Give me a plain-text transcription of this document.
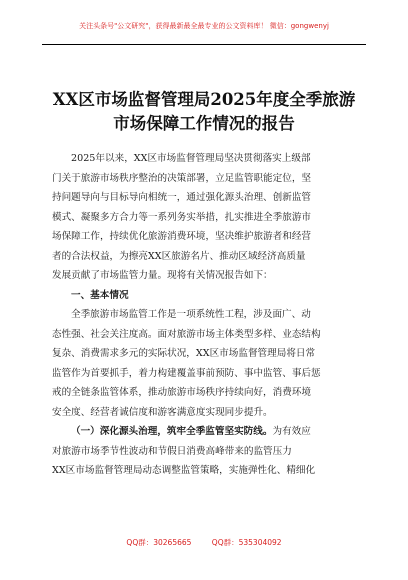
关注头条号"公文研究"，获得最新最全最专业的公文资料库！ 微信：gongwenyj
XX区市场监督管理局2025年度全季旅游
市场保障工作情况的报告
2025年以来，XX区市场监督管理局坚决贯彻落实上级部
门关于旅游市场秩序整治的决策部署，立足监管职能定位，坚
持问题导向与目标导向相统一，通过强化源头治理、创新监管
模式、凝聚多方合力等一系列务实举措，扎实推进全季旅游市
场保障工作，持续优化旅游消费环境，坚决维护旅游者和经营
者的合法权益，为擦亮XX区旅游名片、推动区域经济高质量
发展贡献了市场监管力量。现将有关情况报告如下：
一、基本情况
全季旅游市场监管工作是一项系统性工程，涉及面广、动
态性强、社会关注度高。面对旅游市场主体类型多样、业态结构
复杂、消费需求多元的实际状况，XX区市场监督管理局将日常
监管作为首要抓手，着力构建覆盖事前预防、事中监管、事后惩
戒的全链条监管体系，推动旅游市场秩序持续向好，消费环境
安全度、经营者诚信度和游客满意度实现同步提升。
（一）深化源头治理，筑牢全季监管坚实防线。为有效应
对旅游市场季节性波动和节假日消费高峰带来的监管压力
XX区市场监督管理局动态调整监管策略，实施弹性化、精细化
QQ群：30265665	QQ群：535304092
